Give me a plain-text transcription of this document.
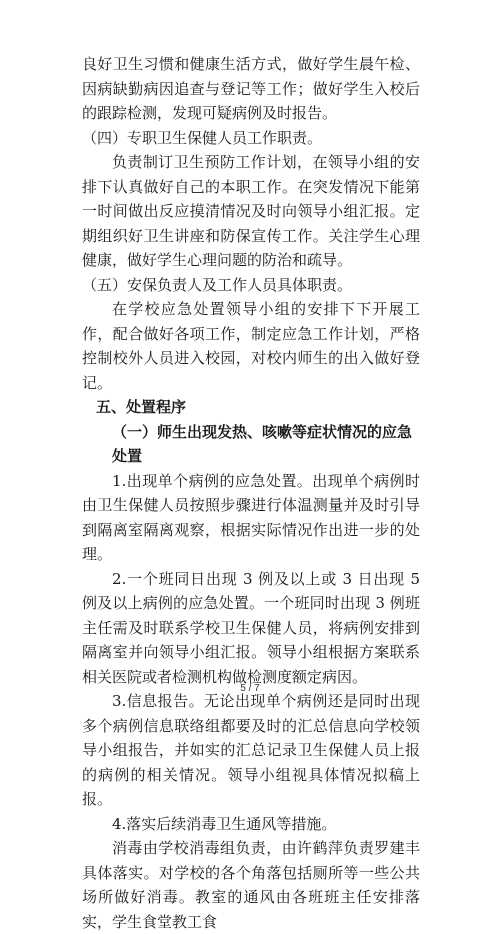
良好卫生习惯和健康生活方式，做好学生晨午检、因病缺勤病因追查与登记等工作；做好学生入校后的跟踪检测，发现可疑病例及时报告。

（四）专职卫生保健人员工作职责。

负责制订卫生预防工作计划，在领导小组的安排下认真做好自己的本职工作。在突发情况下能第一时间做出反应摸清情况及时向领导小组汇报。定期组织好卫生讲座和防保宣传工作。关注学生心理健康，做好学生心理问题的防治和疏导。

（五）安保负责人及工作人员具体职责。

在学校应急处置领导小组的安排下下开展工作，配合做好各项工作，制定应急工作计划，严格控制校外人员进入校园，对校内师生的出入做好登记。

五、处置程序

（一）师生出现发热、咳嗽等症状情况的应急处置

1.出现单个病例的应急处置。出现单个病例时由卫生保健人员按照步骤进行体温测量并及时引导到隔离室隔离观察，根据实际情况作出进一步的处理。

2.一个班同日出现 3 例及以上或 3 日出现 5 例及以上病例的应急处置。一个班同时出现 3 例班主任需及时联系学校卫生保健人员，将病例安排到隔离室并向领导小组汇报。领导小组根据方案联系相关医院或者检测机构做检测度额定病因。

3.信息报告。无论出现单个病例还是同时出现多个病例信息联络组都要及时的汇总信息向学校领导小组报告，并如实的汇总记录卫生保健人员上报的病例的相关情况。领导小组视具体情况拟稿上报。

4.落实后续消毒卫生通风等措施。

消毒由学校消毒组负责，由许鹤萍负责罗建丰具体落实。对学校的各个角落包括厕所等一些公共场所做好消毒。教室的通风由各班班主任安排落实，学生食堂教工食

5 / 7
